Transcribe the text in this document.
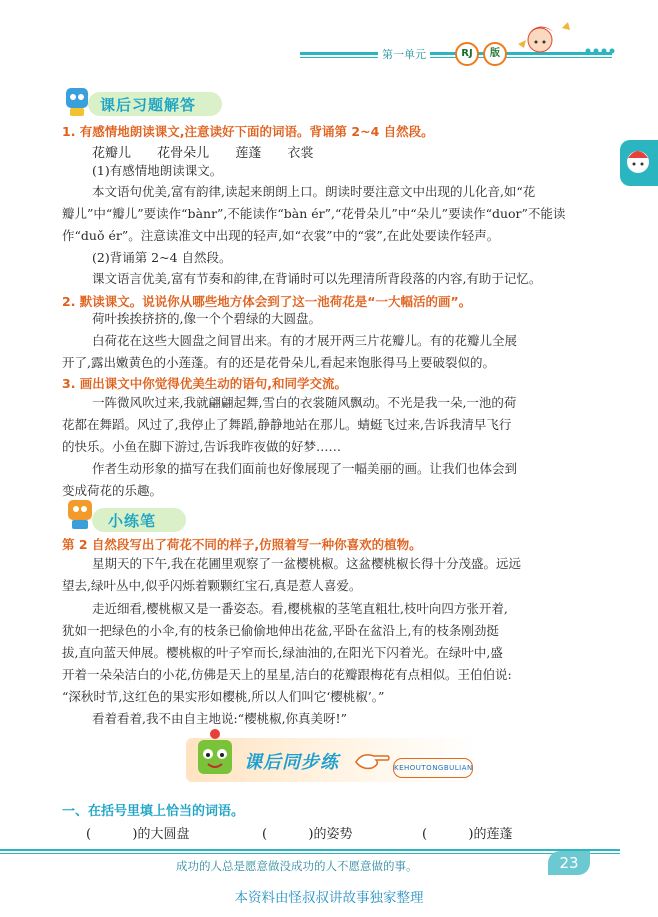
第一单元	RJ	版
课后习题解答
1. 有感情地朗读课文,注意读好下面的词语。背诵第 2~4 自然段。
花瓣儿 花骨朵儿 莲蓬 衣裳
(1)有感情地朗读课文。
本文语句优美,富有韵律,读起来朗朗上口。朗读时要注意文中出现的儿化音,如“花
瓣儿”中“瓣儿”要读作“bànr”,不能读作“bàn ér”,“花骨朵儿”中“朵儿”要读作“duor”不能读
作“duǒ ér”。注意读准文中出现的轻声,如“衣裳”中的“裳”,在此处要读作轻声。
(2)背诵第 2~4 自然段。
课文语言优美,富有节奏和韵律,在背诵时可以先理清所背段落的内容,有助于记忆。
2. 默读课文。说说你从哪些地方体会到了这一池荷花是“一大幅活的画”。
荷叶挨挨挤挤的,像一个个碧绿的大圆盘。
白荷花在这些大圆盘之间冒出来。有的才展开两三片花瓣儿。有的花瓣儿全展
开了,露出嫩黄色的小莲蓬。有的还是花骨朵儿,看起来饱胀得马上要破裂似的。
3. 画出课文中你觉得优美生动的语句,和同学交流。
一阵微风吹过来,我就翩翩起舞,雪白的衣裳随风飘动。不光是我一朵,一池的荷
花都在舞蹈。风过了,我停止了舞蹈,静静地站在那儿。蜻蜓飞过来,告诉我清早飞行
的快乐。小鱼在脚下游过,告诉我昨夜做的好梦……
作者生动形象的描写在我们面前也好像展现了一幅美丽的画。让我们也体会到
变成荷花的乐趣。
小练笔
第 2 自然段写出了荷花不同的样子,仿照着写一种你喜欢的植物。
星期天的下午,我在花圃里观察了一盆樱桃椒。这盆樱桃椒长得十分茂盛。远远
望去,绿叶丛中,似乎闪烁着颗颗红宝石,真是惹人喜爱。
走近细看,樱桃椒又是一番姿态。看,樱桃椒的茎笔直粗壮,枝叶向四方张开着,
犹如一把绿色的小伞,有的枝条已偷偷地伸出花盆,平卧在盆沿上,有的枝条刚劲挺
拔,直向蓝天伸展。樱桃椒的叶子窄而长,绿油油的,在阳光下闪着光。在绿叶中,盛
开着一朵朵洁白的小花,仿佛是天上的星星,洁白的花瓣跟梅花有点相似。王伯伯说:
“深秋时节,这红色的果实形如樱桃,所以人们叫它‘樱桃椒’。”
看着看着,我不由自主地说:“樱桃椒,你真美呀!”
课后同步练	KEHOUTONGBULIAN
一、在括号里填上恰当的词语。
(          )的大圆盘	(          )的姿势	(          )的莲蓬
成功的人总是愿意做没成功的人不愿意做的事。	23
本资料由怪叔叔讲故事独家整理
